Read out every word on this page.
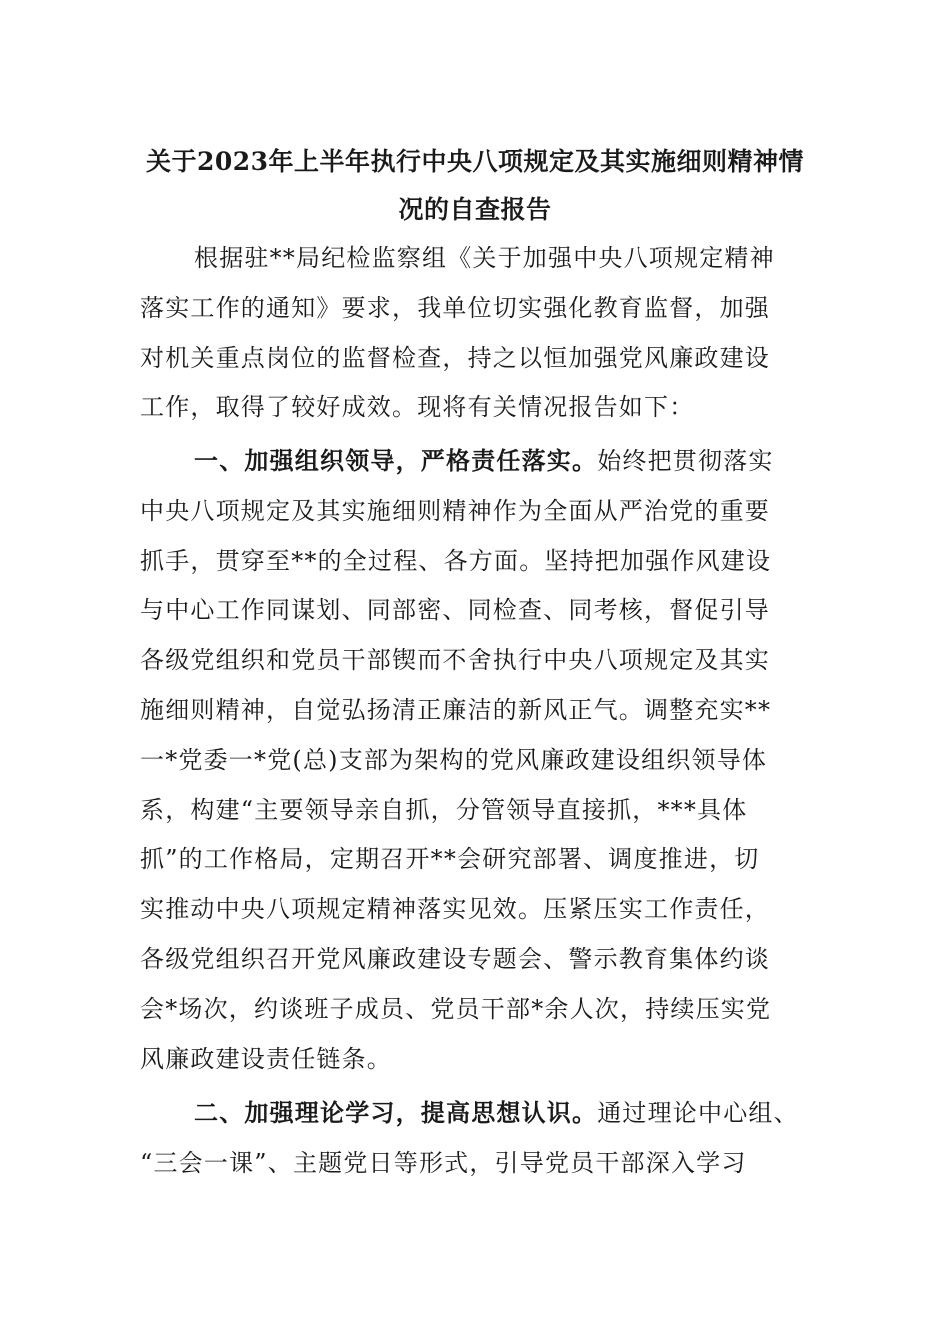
关于2023年上半年执行中央八项规定及其实施细则精神情
况的自查报告
根据驻**局纪检监察组《关于加强中央八项规定精神
落实工作的通知》要求，我单位切实强化教育监督，加强
对机关重点岗位的监督检查，持之以恒加强党风廉政建设
工作，取得了较好成效。现将有关情况报告如下：
一、加强组织领导，严格责任落实。始终把贯彻落实
中央八项规定及其实施细则精神作为全面从严治党的重要
抓手，贯穿至**的全过程、各方面。坚持把加强作风建设
与中心工作同谋划、同部密、同检查、同考核，督促引导
各级党组织和党员干部锲而不舍执行中央八项规定及其实
施细则精神，自觉弘扬清正廉洁的新风正气。调整充实**
一*党委一*党(总)支部为架构的党风廉政建设组织领导体
系，构建“主要领导亲自抓，分管领导直接抓，***具体
抓”的工作格局，定期召开**会研究部署、调度推进，切
实推动中央八项规定精神落实见效。压紧压实工作责任，
各级党组织召开党风廉政建设专题会、警示教育集体约谈
会*场次，约谈班子成员、党员干部*余人次，持续压实党
风廉政建设责任链条。
二、加强理论学习，提高思想认识。通过理论中心组、
“三会一课”、主题党日等形式，引导党员干部深入学习
